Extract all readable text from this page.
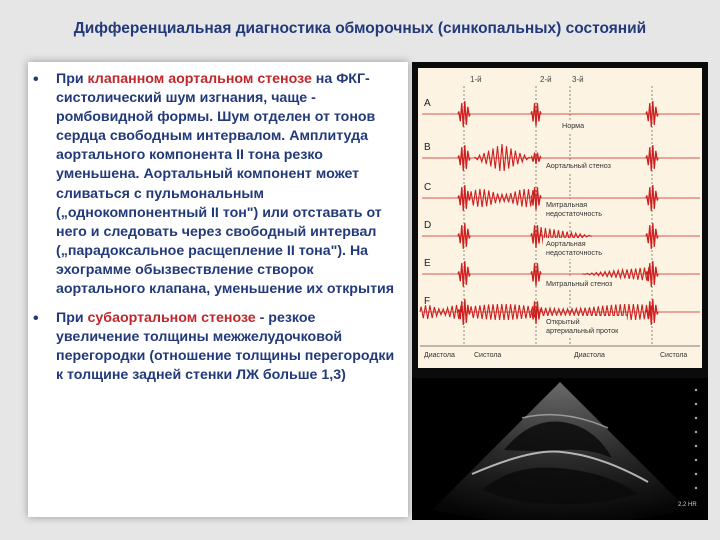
Дифференциальная диагностика обморочных (синкопальных) состояний
• При клапанном аортальном стенозе на ФКГ- систолический шум изгнания, чаще - ромбовидной формы. Шум отделен от тонов сердца свободным интервалом. Амплитуда аортального компонента II тона резко уменьшена. Аортальный компонент может сливаться с пульмональным („однокомпонентный II тон") или отставать от него и следовать через свободный интервал („парадоксальное расщепление II тона"). На эхограмме обызвествление створок аортального клапана, уменьшение их открытия
• При субаортальном стенозе - резкое увеличение толщины межжелудочковой перегородки (отношение толщины перегородки к толщине задней стенки ЛЖ больше 1,3)
1-й	2-й	3-й
A
B
C
D
E
F
Норма
Аортальный стеноз
Митральная недостаточность
Аортальная недостаточность
Митральный стеноз
Открытый артериальный проток
Диастола	Систола	Диастола	Систола
2.2 HR
